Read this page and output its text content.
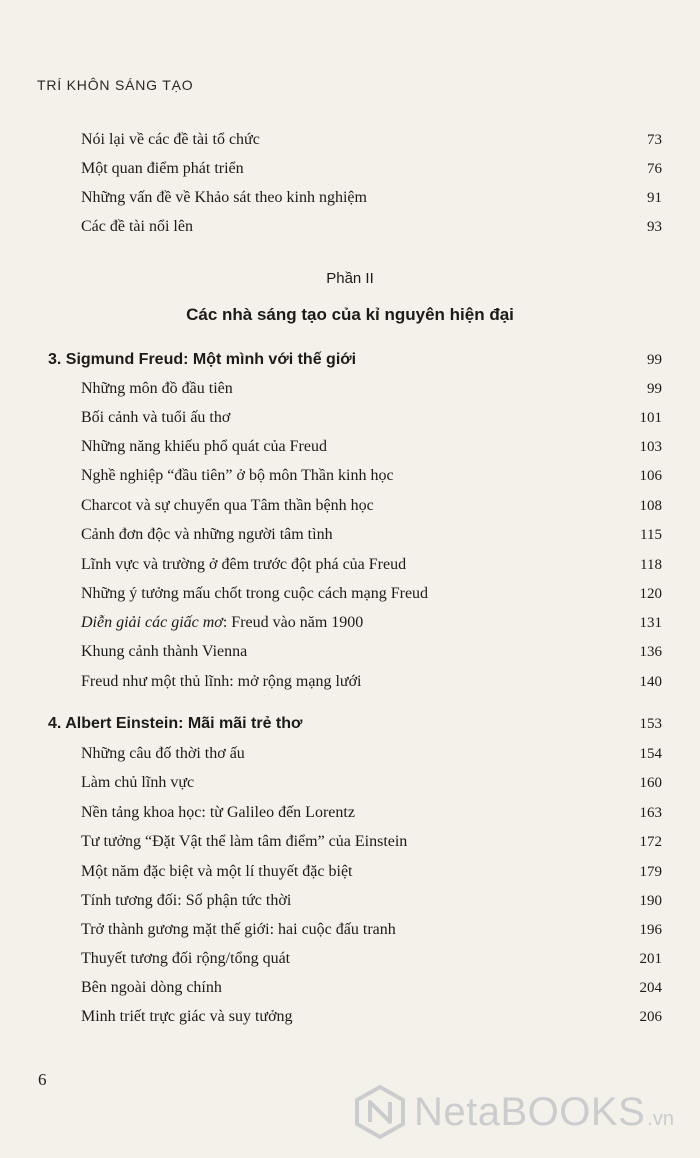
TRÍ KHÔN SÁNG TẠO
Nói lại về các đề tài tổ chức	73
Một quan điểm phát triển	76
Những vấn đề về Khảo sát theo kinh nghiệm	91
Các đề tài nổi lên	93
Phần II
Các nhà sáng tạo của kỉ nguyên hiện đại
3. Sigmund Freud: Một mình với thế giới	99
Những môn đồ đầu tiên	99
Bối cảnh và tuổi ấu thơ	101
Những năng khiếu phổ quát của Freud	103
Nghề nghiệp “đầu tiên” ở bộ môn Thần kinh học	106
Charcot và sự chuyển qua Tâm thần bệnh học	108
Cảnh đơn độc và những người tâm tình	115
Lĩnh vực và trường ở đêm trước đột phá của Freud	118
Những ý tưởng mấu chốt trong cuộc cách mạng Freud	120
Diễn giải các giấc mơ: Freud vào năm 1900	131
Khung cảnh thành Vienna	136
Freud như một thủ lĩnh: mở rộng mạng lưới	140
4. Albert Einstein: Mãi mãi trẻ thơ	153
Những câu đố thời thơ ấu	154
Làm chủ lĩnh vực	160
Nền tảng khoa học: từ Galileo đến Lorentz	163
Tư tưởng “Đặt Vật thể làm tâm điểm” của Einstein	172
Một năm đặc biệt và một lí thuyết đặc biệt	179
Tính tương đối: Số phận tức thời	190
Trở thành gương mặt thế giới: hai cuộc đấu tranh	196
Thuyết tương đối rộng/tổng quát	201
Bên ngoài dòng chính	204
Minh triết trực giác và suy tưởng	206
6
NetaBOOKS .vn
